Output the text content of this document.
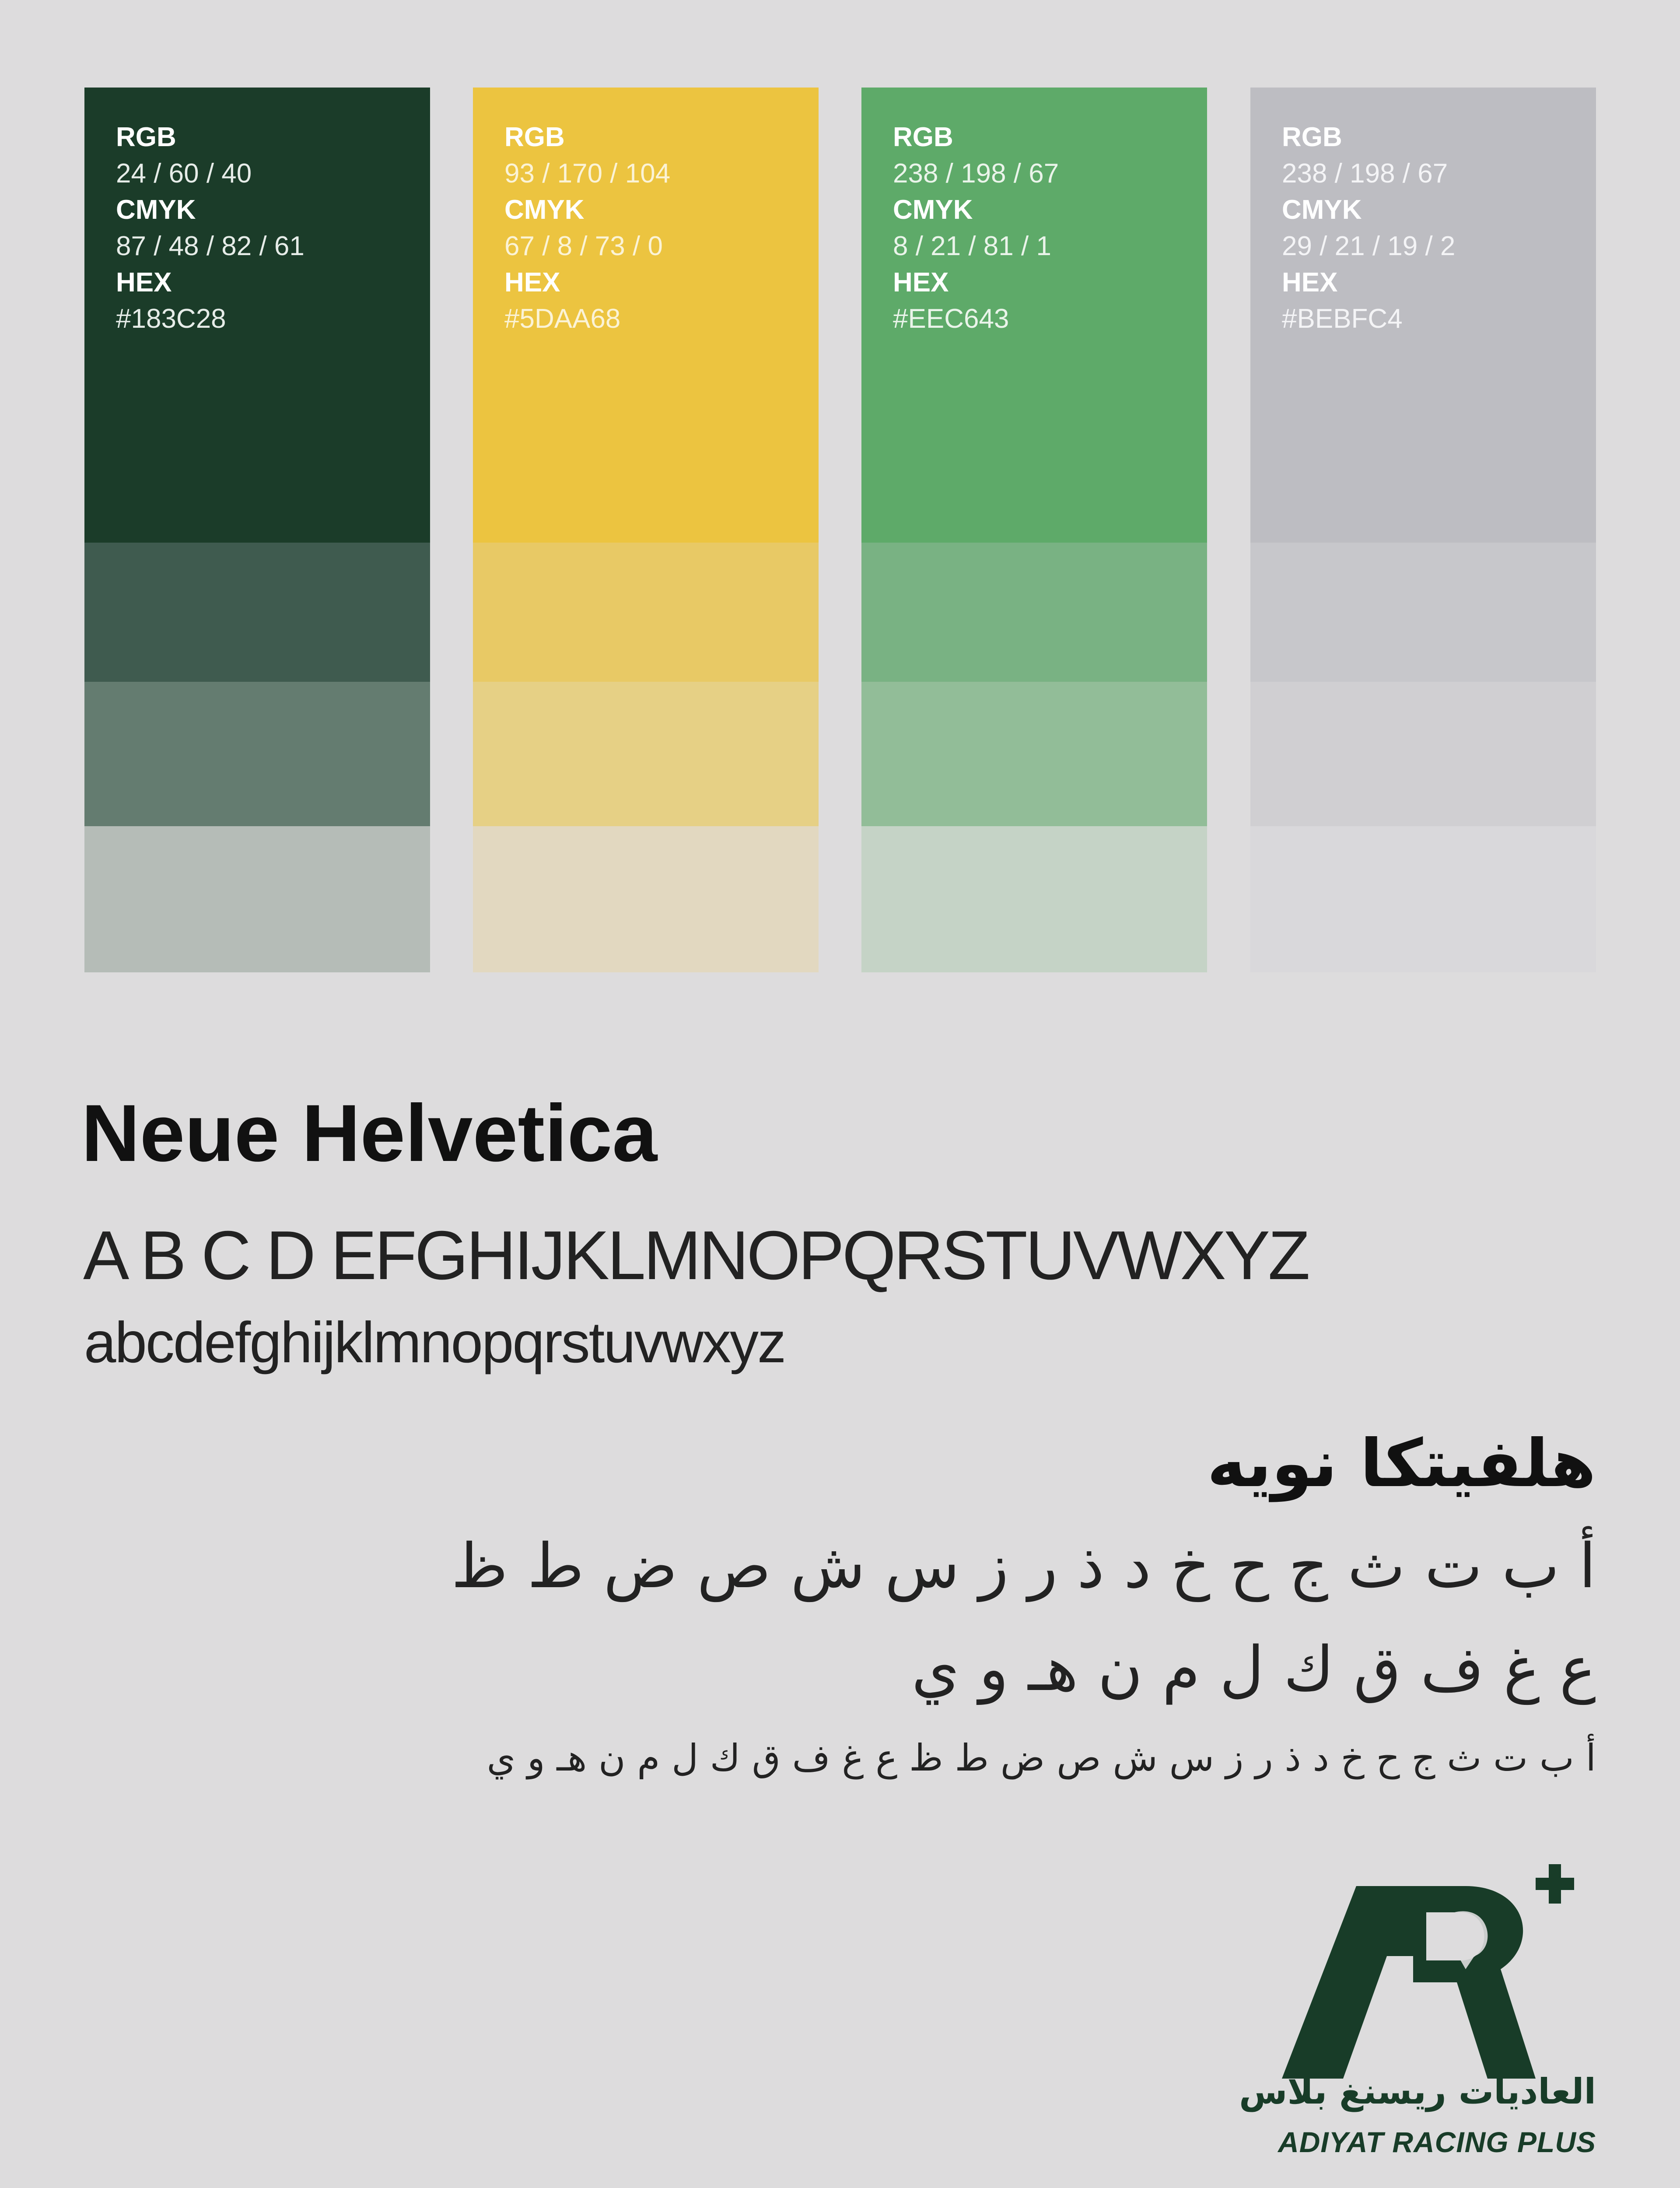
RGB
24 / 60 / 40
CMYK
87 / 48 / 82 / 61
HEX
#183C28
RGB
93 / 170 / 104
CMYK
67 / 8 / 73 / 0
HEX
#5DAA68
RGB
238 / 198 / 67
CMYK
8 / 21 / 81 / 1
HEX
#EEC643
RGB
238 / 198 / 67
CMYK
29 / 21 / 19 / 2
HEX
#BEBFC4
Neue Helvetica
A B C D EFGHIJKLMNOPQRSTUVWXYZ
abcdefghijklmnopqrstuvwxyz
هلفيتكا نويه
أ ب ت ث ج ح خ د ذ ر ز س ش ص ض ط ظ
ع غ ف ق ك ل م ن هـ و ي
أ ب ت ث ج ح خ د ذ ر ز س ش ص ض ط ظ ع غ ف ق ك ل م ن هـ و ي
العاديات ريسنغ بلاس
ADIYAT RACING PLUS
